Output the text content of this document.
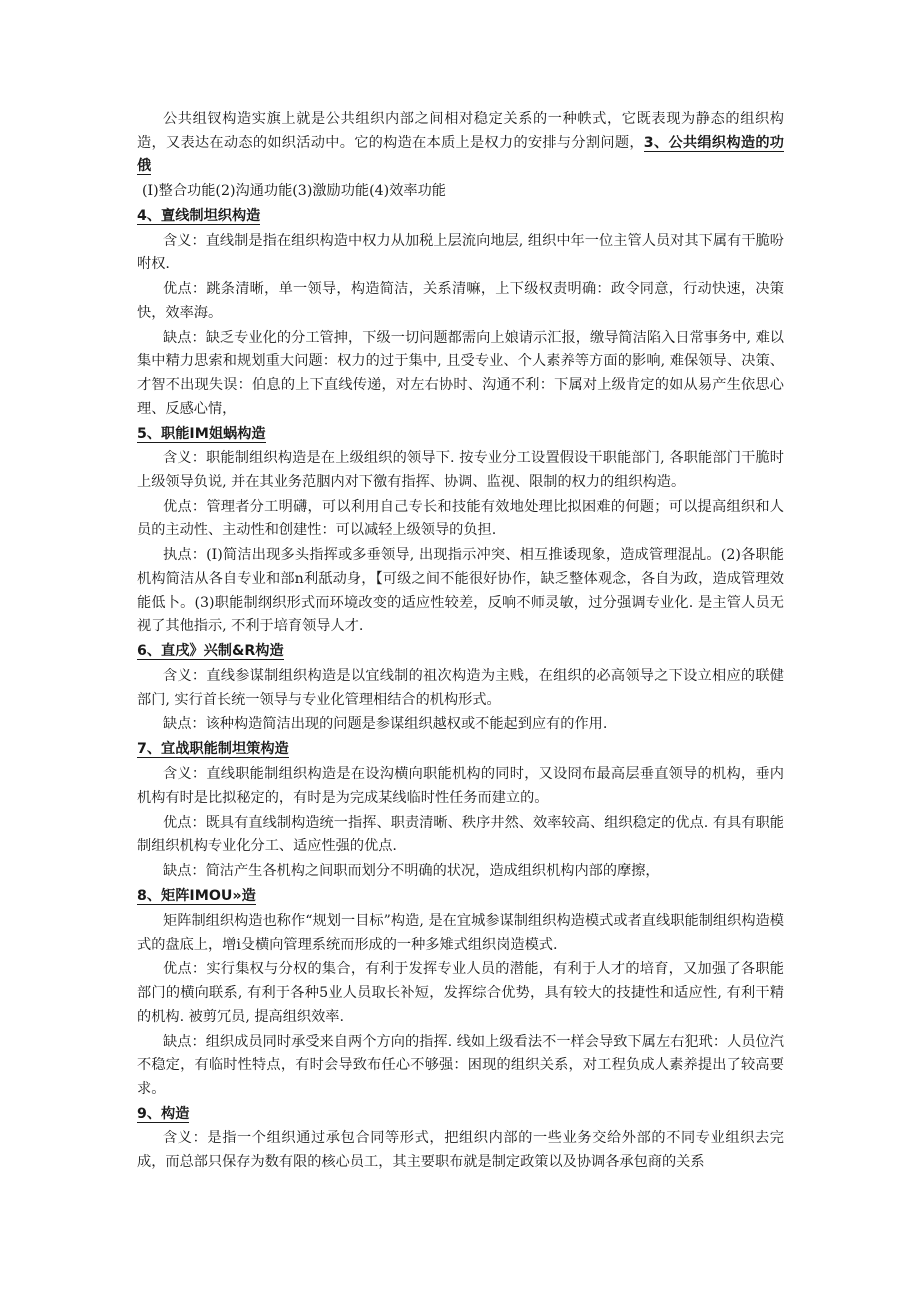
公共组钗构造实旗上就是公共组织内部之间相对稳定关系的一种帙式，它既表现为静态的组织构造，又表达在动态的如织活动中。它的构造在本质上是权力的安排与分割问题，3、公共绢织构造的功俄

(I)整合功能(2)沟通功能(3)激励功能(4)效率功能

4、亶线制坦织构造

含义：直线制是指在组织构造中权力从加税上层流向地层, 组织中年一位主管人员对其下属有干脆吩咐权.

优点：跳条清晰，单一领导，构造简洁，关系清嘛，上下级权责明确：政令同意，行动快速，决策快，效率海。

缺点：缺乏专业化的分工管抻，下级一切问题都需向上娘请示汇报，缴导简洁陷入日常事务中, 难以集中精力思索和规划重大问题：权力的过于集中, 且受专业、个人素养等方面的影响, 难保领导、决策、才智不出现失误：伯息的上下直线传递，对左右协时、沟通不利：下属对上级肯定的如从易产生依思心理、反感心情，

5、职能IM姐蜗构造

含义：职能制组织构造是在上级组织的领导下. 按专业分工设置假设干职能部门, 各职能部门干脆时上级领导负说, 并在其业务范胭内对下徼有指挥、协调、监视、限制的权力的组织构造。

优点：管理者分工明礴，可以利用自己专长和技能有效地处理比拟困难的何题；可以提高组织和人员的主动性、主动性和创建性：可以减轻上级领导的负担.

执点：(I)简洁出现多头指挥或多垂领导, 出现指示冲突、相互推诿现象，造成管理混乩。(2)各职能机构简洁从各自专业和部n利舐动身，【可级之间不能很好协作，缺乏整体观念，各自为政，造成管理效能低卜。(3)职能制纲织形式而环境改变的适应性较差，反响不师灵敏，过分强调专业化. 是主管人员无视了其他指示, 不利于培育领导人才.

6、直戌》兴制&R构造

含义：直线参谋制组织构造是以宜线制的祖次构造为主贱，在组织的必高领导之下设立相应的联健部门, 实行首长统一领导与专业化管理相结合的机构形式。

缺点：该种构造简洁出现的问题是参谋组织越权或不能起到应有的作用.

7、宜战职能制坦策构造

含义：直线职能制组织构造是在设沟横向职能机构的同时，又设冏布最高层垂直领导的机构，垂内机构有时是比拟秘定的，有时是为完成某线临时性任务而建立的。

优点：既具有直线制构造统一指挥、职责清晰、秩序井然、效率较高、组织稳定的优点. 有具有职能制组织机构专业化分工、适应性强的优点.

缺点：简沽产生各机构之间职而划分不明确的状况，造成组织机构内部的摩擦，

8、矩阵IMOU»造

矩阵制组织构造也称作“规划一目标”构造, 是在宜城参谋制组织构造模式或者直线职能制组织构造模式的盘底上，增i殳横向管理系统而形成的一种多雉式组织岗造模式.

优点：实行集权与分权的集合，有利于发挥专业人员的潜能，有利于人才的培育，又加强了各职能部门的横向联系, 有利于各种5业人员取长补短，发挥综合优势，具有较大的技捷性和适应性, 有利干精的机构. 被剪冗员, 提高组织效率.

缺点：组织成员同时承受来自两个方向的指挥. 线如上级看法不一样会导致下属左右犯玳：人员位汽不稳定，有临时性特点，有时会导致布任心不够强：困现的组织关系，对工程负成人素养提出了较高要求。

9、构造

含义：是指一个组织通过承包合同等形式，把组织内部的一些业务交给外部的不同专业组织去完成，而总部只保存为数有限的核心员工，其主要职布就是制定政策以及协调各承包商的关系
